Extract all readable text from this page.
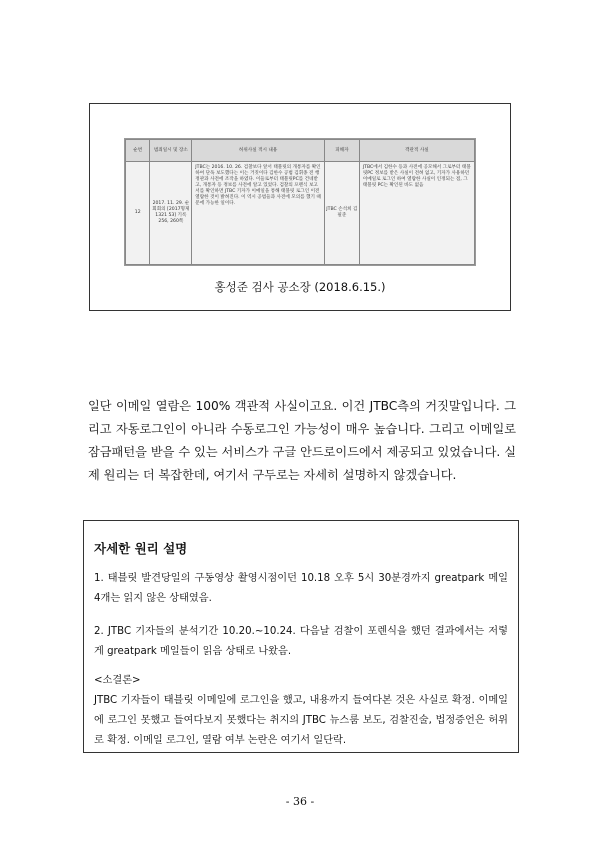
순번	범죄일시 및 장소	허위사실 적시 내용	피해자	객관적 사실
12	2017. 11. 29. 순회회의 [2017형제1321 53] 기록 256, 260쪽	JTBC는 2016. 10. 26. 검찰보다 앞서 태블릿의 개통자를 확인하여 단독 보도했다는 이는 거짓이다 김한수 공범 김휘종 전 행정관과 사전에 조작을 하였다. 이들로부터 태블릿PC를 건네받고, 개통자 등 정보를 사전에 알고 있었다. 검찰의 포렌식 보고서를 확인하면 JTBC 기자가 이메일을 통해 태블릿 로그인 이전 열람한 것이 밝혀진다. 이 역시 공범들과 사전에 모의를 했기 때문에 가능한 일이다.	JTBC 손석희 김필준	JTBC에서 김한수 등과 사전에 공모해서 그로부터 태블릿PC 정보를 받은 사실이 전혀 없고, 기자가 사용하던 이메일로 로그인 하여 열람한 사실이 인정되는 점, 그 태블릿 PC는 확인된 바도 없음
홍성준 검사 공소장 (2018.6.15.)

일단 이메일 열람은 100% 객관적 사실이고요. 이건 JTBC측의 거짓말입니다. 그리고 자동로그인이 아니라 수동로그인 가능성이 매우 높습니다. 그리고 이메일로 잠금패턴을 받을 수 있는 서비스가 구글 안드로이드에서 제공되고 있었습니다. 실제 원리는 더 복잡한데, 여기서 구두로는 자세히 설명하지 않겠습니다.

자세한 원리 설명

1. 태블릿 발견당일의 구동영상 촬영시점이던 10.18 오후 5시 30분경까지 greatpark 메일 4개는 읽지 않은 상태였음.

2. JTBC 기자들의 분석기간 10.20.~10.24. 다음날 검찰이 포렌식을 했던 결과에서는 저렇게 greatpark 메일들이 읽음 상태로 나왔음.

<소결론>
JTBC 기자들이 태블릿 이메일에 로그인을 했고, 내용까지 들여다본 것은 사실로 확정. 이메일에 로그인 못했고 들여다보지 못했다는 취지의 JTBC 뉴스룸 보도, 검찰진술, 법정증언은 허위로 확정. 이메일 로그인, 열람 여부 논란은 여기서 일단락.
- 36 -
